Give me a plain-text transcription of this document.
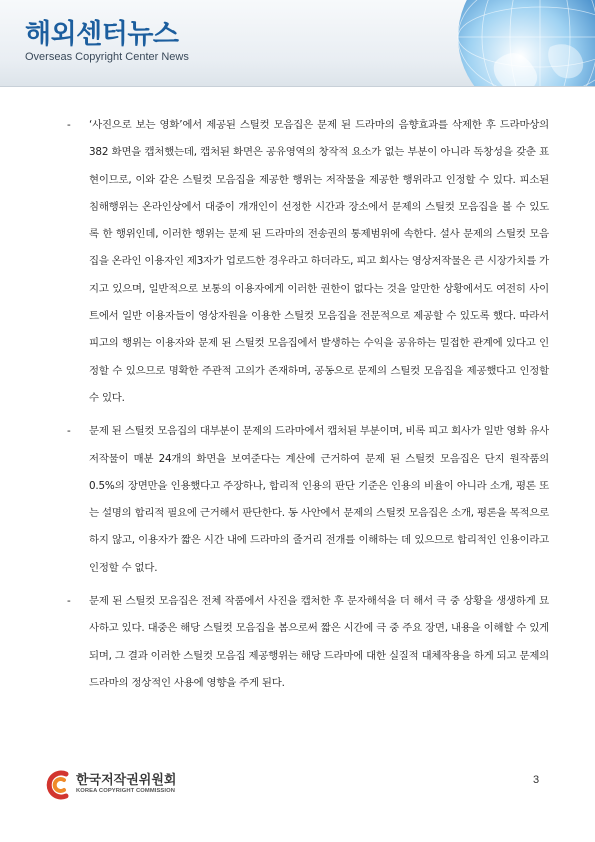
해외센터뉴스
Overseas Copyright Center News

- ‘사진으로 보는 영화’에서 제공된 스틸컷 모음집은 문제 된 드라마의 음향효과를 삭제한 후 드라마상의 382 화면을 캡처했는데, 캡처된 화면은 공유영역의 창작적 요소가 없는 부분이 아니라 독창성을 갖춘 표현이므로, 이와 같은 스틸컷 모음집을 제공한 행위는 저작물을 제공한 행위라고 인정할 수 있다. 피소된 침해행위는 온라인상에서 대중이 개개인이 선정한 시간과 장소에서 문제의 스틸컷 모음집을 볼 수 있도록 한 행위인데, 이러한 행위는 문제 된 드라마의 전송권의 통제범위에 속한다. 설사 문제의 스틸컷 모음집을 온라인 이용자인 제3자가 업로드한 경우라고 하더라도, 피고 회사는 영상저작물은 큰 시장가치를 가지고 있으며, 일반적으로 보통의 이용자에게 이러한 권한이 없다는 것을 알만한 상황에서도 여전히 사이트에서 일반 이용자들이 영상자원을 이용한 스틸컷 모음집을 전문적으로 제공할 수 있도록 했다. 따라서 피고의 행위는 이용자와 문제 된 스틸컷 모음집에서 발생하는 수익을 공유하는 밀접한 관계에 있다고 인정할 수 있으므로 명확한 주관적 고의가 존재하며, 공동으로 문제의 스틸컷 모음집을 제공했다고 인정할 수 있다.

- 문제 된 스틸컷 모음집의 대부분이 문제의 드라마에서 캡처된 부분이며, 비록 피고 회사가 일반 영화 유사 저작물이 매분 24개의 화면을 보여준다는 계산에 근거하여 문제 된 스틸컷 모음집은 단지 원작품의 0.5%의 장면만을 인용했다고 주장하나, 합리적 인용의 판단 기준은 인용의 비율이 아니라 소개, 평론 또는 설명의 합리적 필요에 근거해서 판단한다. 동 사안에서 문제의 스틸컷 모음집은 소개, 평론을 목적으로 하지 않고, 이용자가 짧은 시간 내에 드라마의 줄거리 전개를 이해하는 데 있으므로 합리적인 인용이라고 인정할 수 없다.

- 문제 된 스틸컷 모음집은 전체 작품에서 사진을 캡처한 후 문자해석을 더 해서 극 중 상황을 생생하게 묘사하고 있다. 대중은 해당 스틸컷 모음집을 봄으로써 짧은 시간에 극 중 주요 장면, 내용을 이해할 수 있게 되며, 그 결과 이러한 스틸컷 모음집 제공행위는 해당 드라마에 대한 실질적 대체작용을 하게 되고 문제의 드라마의 정상적인 사용에 영향을 주게 된다.

한국저작권위원회
KOREA COPYRIGHT COMMISSION
3
